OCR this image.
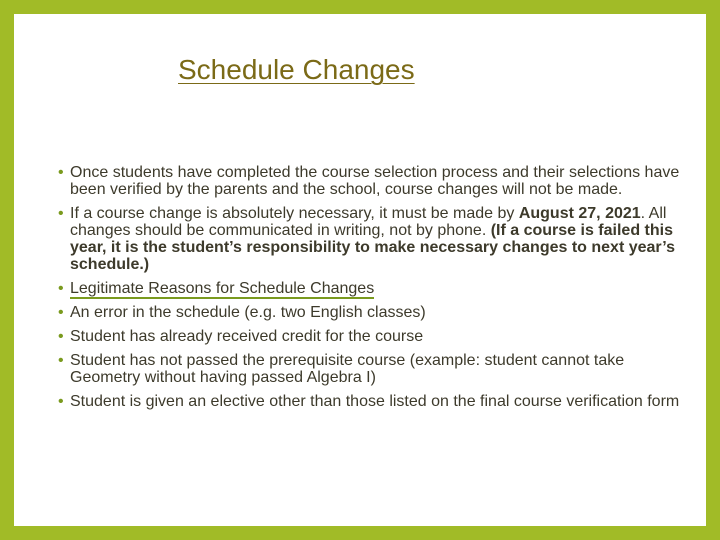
Schedule Changes
• Once students have completed the course selection process and their selections have been verified by the parents and the school, course changes will not be made.
• If a course change is absolutely necessary, it must be made by August 27, 2021. All changes should be communicated in writing, not by phone. (If a course is failed this year, it is the student’s responsibility to make necessary changes to next year’s schedule.)
• Legitimate Reasons for Schedule Changes
• An error in the schedule (e.g. two English classes)
• Student has already received credit for the course
• Student has not passed the prerequisite course (example: student cannot take Geometry without having passed Algebra I)
• Student is given an elective other than those listed on the final course verification form
